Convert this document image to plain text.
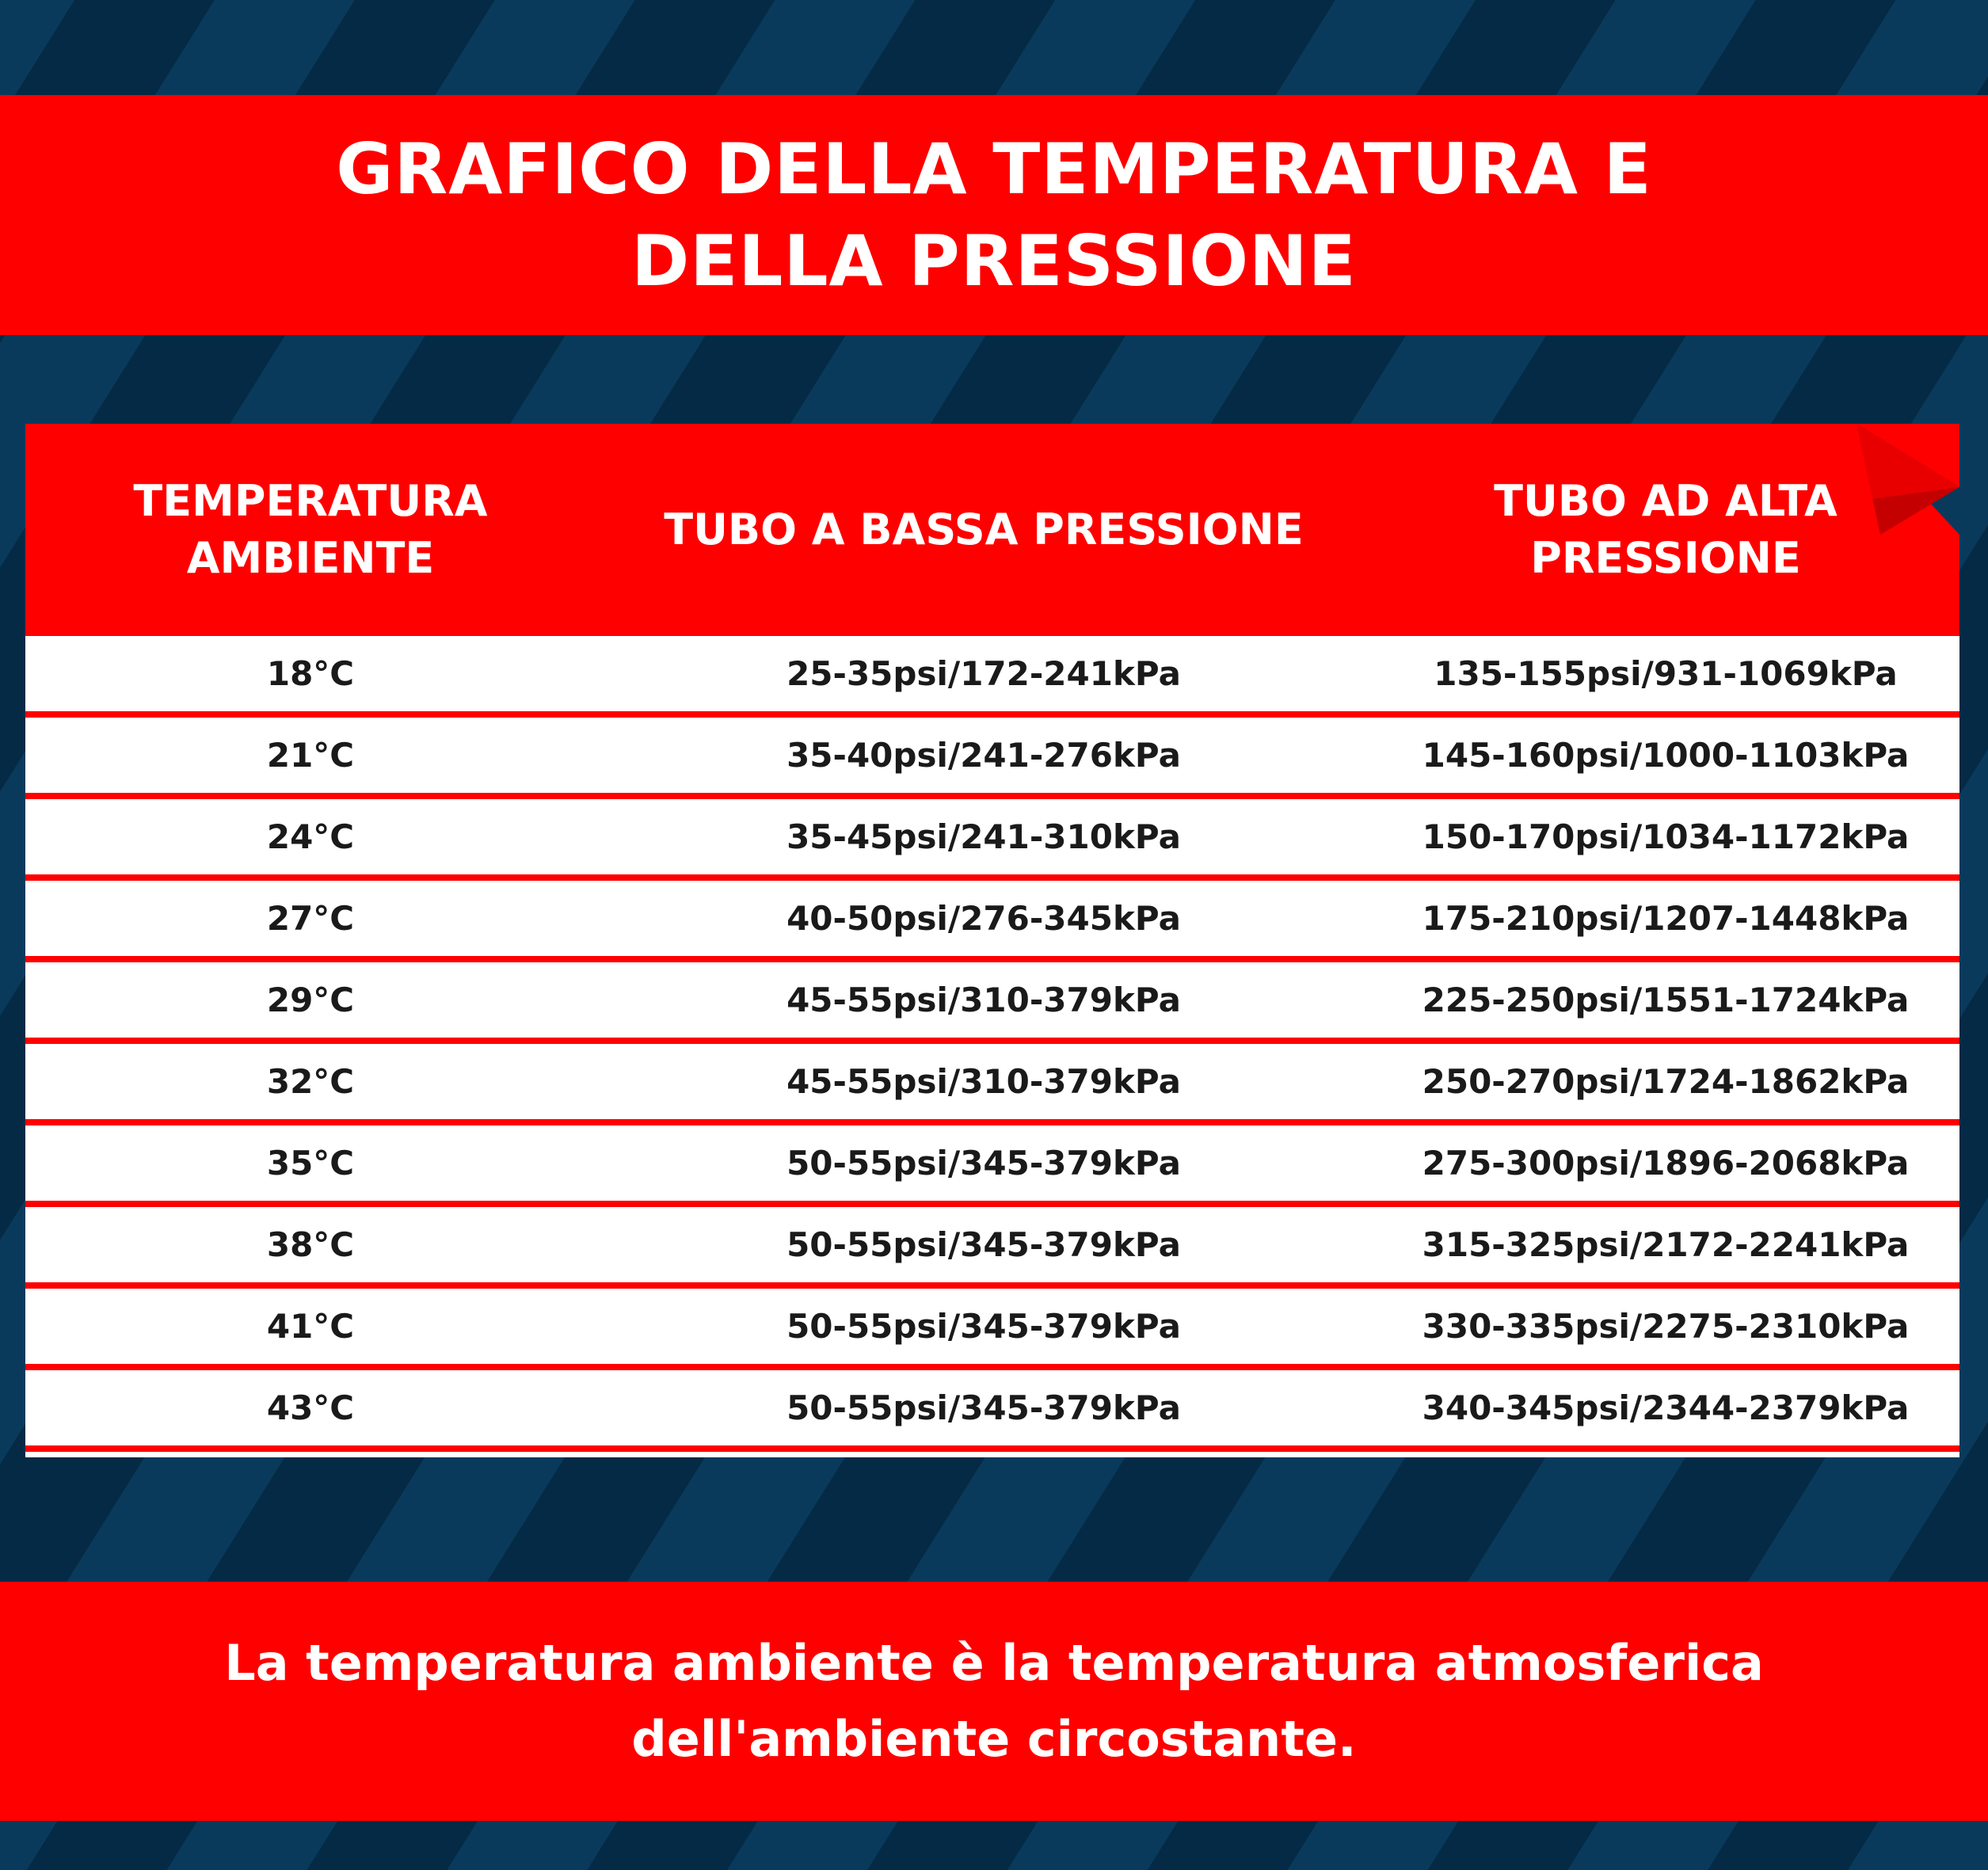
GRAFICO DELLA TEMPERATURA E DELLA PRESSIONE
TEMPERATURA AMBIENTE
TUBO A BASSA PRESSIONE
TUBO AD ALTA PRESSIONE
18°C	25-35psi/172-241kPa	135-155psi/931-1069kPa
21°C	35-40psi/241-276kPa	145-160psi/1000-1103kPa
24°C	35-45psi/241-310kPa	150-170psi/1034-1172kPa
27°C	40-50psi/276-345kPa	175-210psi/1207-1448kPa
29°C	45-55psi/310-379kPa	225-250psi/1551-1724kPa
32°C	45-55psi/310-379kPa	250-270psi/1724-1862kPa
35°C	50-55psi/345-379kPa	275-300psi/1896-2068kPa
38°C	50-55psi/345-379kPa	315-325psi/2172-2241kPa
41°C	50-55psi/345-379kPa	330-335psi/2275-2310kPa
43°C	50-55psi/345-379kPa	340-345psi/2344-2379kPa
La temperatura ambiente è la temperatura atmosferica dell'ambiente circostante.
